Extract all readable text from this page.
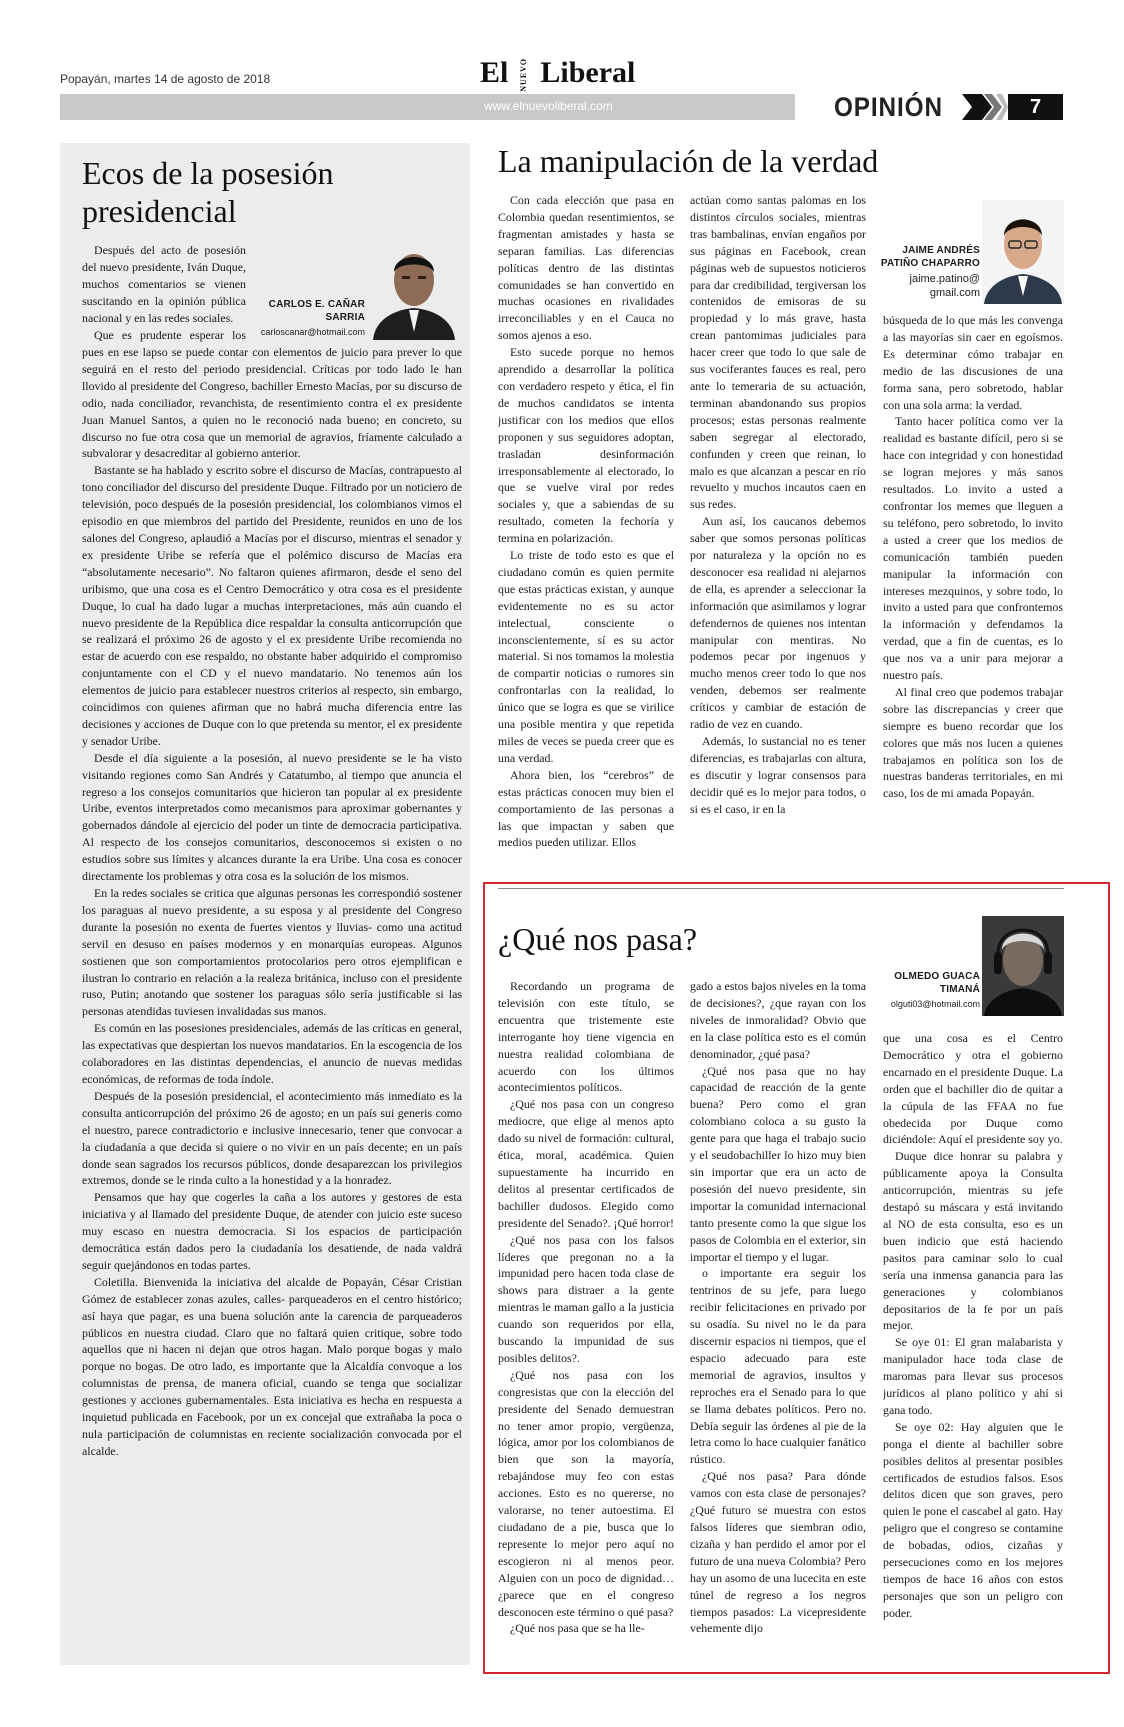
Popayán, martes 14 de agosto de 2018	El NUEVO Liberal
www.elnuevoliberal.com	OPINIÓN	7
Ecos de la posesión presidencial

Después del acto de posesión del nuevo presidente, Iván Duque, muchos comentarios se vienen suscitando en la opinión pública nacional y en las redes sociales.

Que es prudente esperar los

CARLOS E. CAÑAR SARRIA
carloscanar@hotmail.com

pues en ese lapso se puede contar con elementos de juicio para prever lo que seguirá en el resto del periodo presidencial. Críticas por todo lado le han llovido al presidente del Congreso, bachiller Ernesto Macías, por su discurso de odio, nada conciliador, revanchista, de resentimiento contra el ex presidente Juan Manuel Santos, a quien no le reconoció nada bueno; en concreto, su discurso no fue otra cosa que un memorial de agravios, fríamente calculado a subvalorar y desacreditar al gobierno anterior.

Bastante se ha hablado y escrito sobre el discurso de Macías, contrapuesto al tono conciliador del discurso del presidente Duque. Filtrado por un noticiero de televisión, poco después de la posesión presidencial, los colombianos vimos el episodio en que miembros del partido del Presidente, reunidos en uno de los salones del Congreso, aplaudió a Macías por el discurso, mientras el senador y ex presidente Uribe se refería que el polémico discurso de Macías era “absolutamente necesario”. No faltaron quienes afirmaron, desde el seno del uribismo, que una cosa es el Centro Democrático y otra cosa es el presidente Duque, lo cual ha dado lugar a muchas interpretaciones, más aún cuando el nuevo presidente de la República dice respaldar la consulta anticorrupción que se realizará el próximo 26 de agosto y el ex presidente Uribe recomienda no estar de acuerdo con ese respaldo, no obstante haber adquirido el compromiso conjuntamente con el CD y el nuevo mandatario. No tenemos aún los elementos de juicio para establecer nuestros criterios al respecto, sin embargo, coincidimos con quienes afirman que no habrá mucha diferencia entre las decisiones y acciones de Duque con lo que pretenda su mentor, el ex presidente y senador Uribe.

Desde el día siguiente a la posesión, al nuevo presidente se le ha visto visitando regiones como San Andrés y Catatumbo, al tiempo que anuncia el regreso a los consejos comunitarios que hicieron tan popular al ex presidente Uribe, eventos interpretados como mecanismos para aproximar gobernantes y gobernados dándole al ejercicio del poder un tinte de democracia participativa. Al respecto de los consejos comunitarios, desconocemos si existen o no estudios sobre sus límites y alcances durante la era Uribe. Una cosa es conocer directamente los problemas y otra cosa es la solución de los mismos.

En la redes sociales se critica que algunas personas les correspondió sostener los paraguas al nuevo presidente, a su esposa y al presidente del Congreso durante la posesión no exenta de fuertes vientos y lluvias- como una actitud servil en desuso en países modernos y en monarquías europeas. Algunos sostienen que son comportamientos protocolarios pero otros ejemplifican e ilustran lo contrario en relación a la realeza británica, incluso con el presidente ruso, Putin; anotando que sostener los paraguas sólo sería justificable si las personas atendidas tuviesen invalidadas sus manos.

Es común en las posesiones presidenciales, además de las críticas en general, las expectativas que despiertan los nuevos mandatarios. En la escogencia de los colaboradores en las distintas dependencias, el anuncio de nuevas medidas económicas, de reformas de toda índole.

Después de la posesión presidencial, el acontecimiento más inmediato es la consulta anticorrupción del próximo 26 de agosto; en un país sui generis como el nuestro, parece contradictorio e inclusive innecesario, tener que convocar a la ciudadanía a que decida si quiere o no vivir en un país decente; en un país donde sean sagrados los recursos públicos, donde desaparezcan los privilegios extremos, donde se le rinda culto a la honestidad y a la honradez.

Pensamos que hay que cogerles la caña a los autores y gestores de esta iniciativa y al llamado del presidente Duque, de atender con juicio este suceso muy escaso en nuestra democracia. Si los espacios de participación democrática están dados pero la ciudadanía los desatiende, de nada valdrá seguir quejándonos en todas partes.

Coletilla. Bienvenida la iniciativa del alcalde de Popayán, César Cristian Gómez de establecer zonas azules, calles- parqueaderos en el centro histórico; así haya que pagar, es una buena solución ante la carencia de parqueaderos públicos en nuestra ciudad. Claro que no faltará quien critique, sobre todo aquellos que ni hacen ni dejan que otros hagan. Malo porque bogas y malo porque no bogas. De otro lado, es importante que la Alcaldía convoque a los columnistas de prensa, de manera oficial, cuando se tenga que socializar gestiones y acciones gubernamentales. Esta iniciativa es hecha en respuesta a inquietud publicada en Facebook, por un ex concejal que extrañaba la poca o nula participación de columnistas en reciente socialización convocada por el alcalde.

La manipulación de la verdad

Con cada elección que pasa en Colombia quedan resentimientos, se fragmentan amistades y hasta se separan familias. Las diferencias políticas dentro de las distintas comunidades se han convertido en muchas ocasiones en rivalidades irreconciliables y en el Cauca no somos ajenos a eso.

Esto sucede porque no hemos aprendido a desarrollar la política con verdadero respeto y ética, el fin de muchos candidatos se intenta justificar con los medios que ellos proponen y sus seguidores adoptan, trasladan desinformación irresponsablemente al electorado, lo que se vuelve viral por redes sociales y, que a sabiendas de su resultado, cometen la fechoría y termina en polarización.

Lo triste de todo esto es que el ciudadano común es quien permite que estas prácticas existan, y aunque evidentemente no es su actor intelectual, consciente o inconscientemente, sí es su actor material. Si nos tomamos la molestia de compartir noticias o rumores sin confrontarlas con la realidad, lo único que se logra es que se virilice una posible mentira y que repetida miles de veces se pueda creer que es una verdad.

Ahora bien, los “cerebros” de estas prácticas conocen muy bien el comportamiento de las personas a las que impactan y saben que medios pueden utilizar. Ellos

actúan como santas palomas en los distintos círculos sociales, mientras tras bambalinas, envían engaños por sus páginas en Facebook, crean páginas web de supuestos noticieros para dar credibilidad, tergiversan los contenidos de emisoras de su propiedad y lo más grave, hasta crean pantomimas judiciales para hacer creer que todo lo que sale de sus vociferantes fauces es real, pero ante lo temeraria de su actuación, terminan abandonando sus propios procesos; estas personas realmente saben segregar al electorado, confunden y creen que reinan, lo malo es que alcanzan a pescar en río revuelto y muchos incautos caen en sus redes.

Aun así, los caucanos debemos saber que somos personas políticas por naturaleza y la opción no es desconocer esa realidad ni alejarnos de ella, es aprender a seleccionar la información que asimilamos y lograr defendernos de quienes nos intentan manipular con mentiras. No podemos pecar por ingenuos y mucho menos creer todo lo que nos venden, debemos ser realmente críticos y cambiar de estación de radio de vez en cuando.

Además, lo sustancial no es tener diferencias, es trabajarlas con altura, es discutir y lograr consensos para decidir qué es lo mejor para todos, o si es el caso, ir en la

JAIME ANDRÉS PATIÑO CHAPARRO
jaime.patino@
gmail.com

búsqueda de lo que más les convenga a las mayorías sin caer en egoísmos. Es determinar cómo trabajar en medio de las discusiones de una forma sana, pero sobretodo, hablar con una sola arma: la verdad.

Tanto hacer política como ver la realidad es bastante difícil, pero si se hace con integridad y con honestidad se logran mejores y más sanos resultados. Lo invito a usted a confrontar los memes que lleguen a su teléfono, pero sobretodo, lo invito a usted a creer que los medios de comunicación también pueden manipular la información con intereses mezquinos, y sobre todo, lo invito a usted para que confrontemos la información y defendamos la verdad, que a fin de cuentas, es lo que nos va a unir para mejorar a nuestro país.

Al final creo que podemos trabajar sobre las discrepancias y creer que siempre es bueno recordar que los colores que más nos lucen a quienes trabajamos en política son los de nuestras banderas territoriales, en mi caso, los de mi amada Popayán.

¿Qué nos pasa?
OLMEDO GUACA TIMANÁ
olguti03@hotmail.com

Recordando un programa de televisión con este título, se encuentra que tristemente este interrogante hoy tiene vigencia en nuestra realidad colombiana de acuerdo con los últimos acontecimientos políticos.

¿Qué nos pasa con un congreso mediocre, que elige al menos apto dado su nivel de formación: cultural, ética, moral, académica. Quien supuestamente ha incurrido en delitos al presentar certificados de bachiller dudosos. Elegido como presidente del Senado?. ¡Qué horror!

¿Qué nos pasa con los falsos líderes que pregonan no a la impunidad pero hacen toda clase de shows para distraer a la gente mientras le maman gallo a la justicia cuando son requeridos por ella, buscando la impunidad de sus posibles delitos?.

¿Qué nos pasa con los congresistas que con la elección del presidente del Senado demuestran no tener amor propio, vergüenza, lógica, amor por los colombianos de bien que son la mayoría, rebajándose muy feo con estas acciones. Esto es no quererse, no valorarse, no tener autoestima. El ciudadano de a pie, busca que lo represente lo mejor pero aquí no escogieron ni al menos peor. Alguien con un poco de dignidad… ¿parece que en el congreso desconocen este término o qué pasa?

¿Qué nos pasa que se ha lle-

gado a estos bajos niveles en la toma de decisiones?, ¿que rayan con los niveles de inmoralidad? Obvio que en la clase política esto es el común denominador, ¿qué pasa?

¿Qué nos pasa que no hay capacidad de reacción de la gente buena? Pero como el gran colombiano coloca a su gusto la gente para que haga el trabajo sucio y el seudobachiller lo hizo muy bien sin importar que era un acto de posesión del nuevo presidente, sin importar la comunidad internacional tanto presente como la que sigue los pasos de Colombia en el exterior, sin importar el tiempo y el lugar.

o importante era seguir los tentrinos de su jefe, para luego recibir felicitaciones en privado por su osadía. Su nivel no le da para discernir espacios ni tiempos, que el espacio adecuado para este memorial de agravios, insultos y reproches era el Senado para lo que se llama debates políticos. Pero no. Debía seguir las órdenes al pie de la letra como lo hace cualquier fanático rústico.

¿Qué nos pasa? Para dónde vamos con esta clase de personajes? ¿Qué futuro se muestra con estos falsos líderes que siembran odio, cizaña y han perdido el amor por el futuro de una nueva Colombia? Pero hay un asomo de una lucecita en este túnel de regreso a los negros tiempos pasados: La vicepresidente vehemente dijo

que una cosa es el Centro Democrático y otra el gobierno encarnado en el presidente Duque. La orden que el bachiller dio de quitar a la cúpula de las FFAA no fue obedecida por Duque como diciéndole: Aquí el presidente soy yo.

Duque dice honrar su palabra y públicamente apoya la Consulta anticorrupción, mientras su jefe destapó su máscara y está invitando al NO de esta consulta, eso es un buen indicio que está haciendo pasitos para caminar solo lo cual sería una inmensa ganancia para las generaciones y colombianos depositarios de la fe por un país mejor.

Se oye 01: El gran malabarista y manipulador hace toda clase de maromas para llevar sus procesos jurídicos al plano político y ahí si gana todo.

Se oye 02: Hay alguien que le ponga el diente al bachiller sobre posibles delitos al presentar posibles certificados de estudios falsos. Esos delitos dicen que son graves, pero quien le pone el cascabel al gato. Hay peligro que el congreso se contamine de bobadas, odios, cizañas y persecuciones como en los mejores tiempos de hace 16 años con estos personajes que son un peligro con poder.
